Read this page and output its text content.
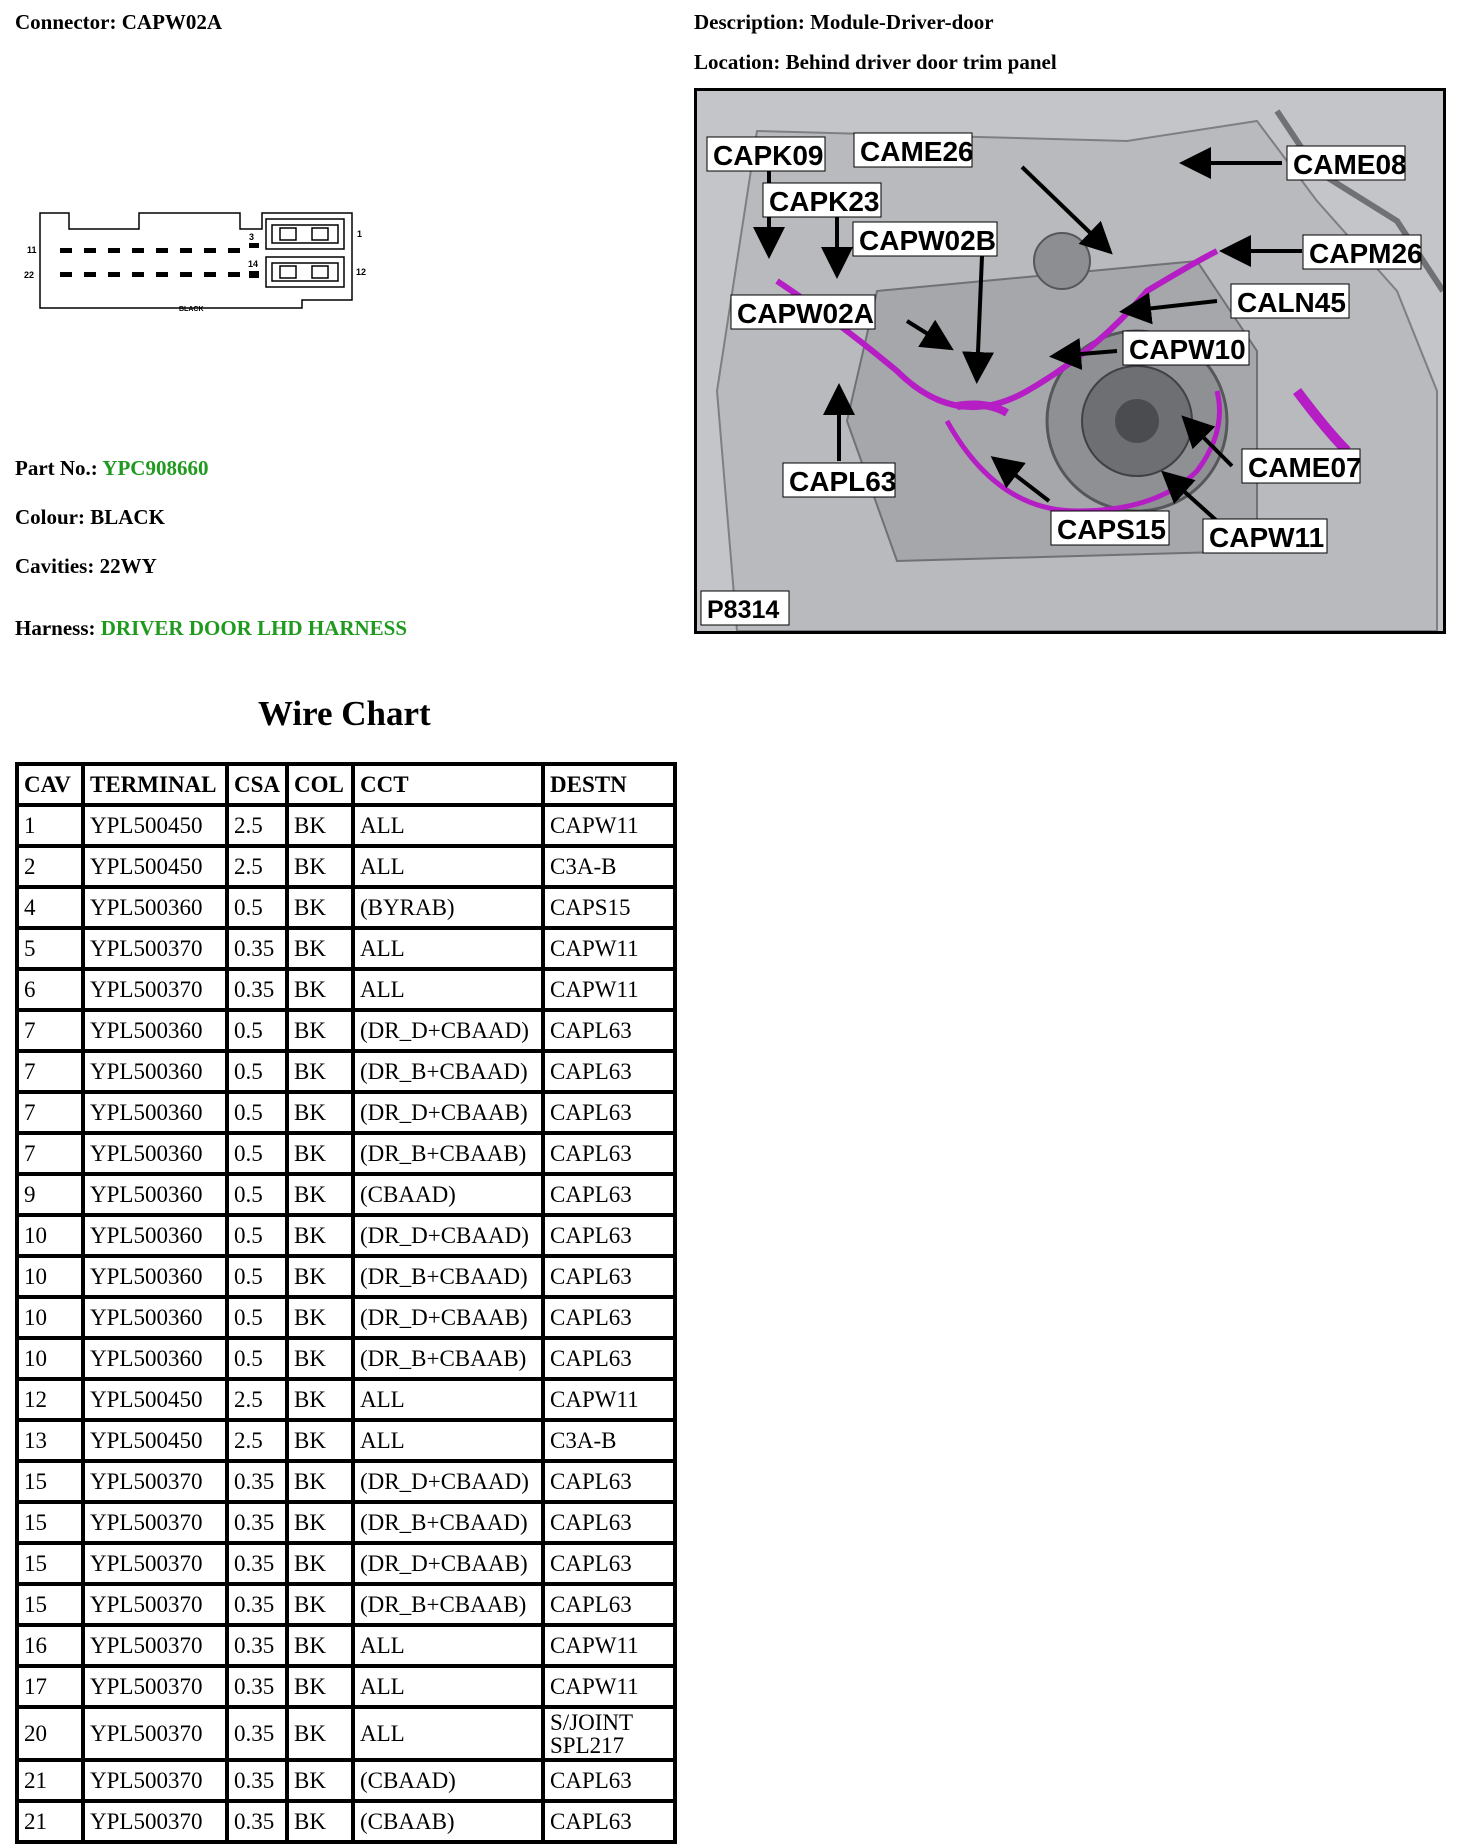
Connector: CAPW02A	Description: Module-Driver-door
Location: Behind driver door trim panel
11
22
3
14
1
12
BLACK
Part No.: YPC908660
Colour: BLACK
Cavities: 22WY
Harness: DRIVER DOOR LHD HARNESS
CAPK09 CAME26	CAME08
CAPK23
CAPW02B	CAPM26
CALN45
CAPW02A
CAPW10
CAME07
CAPL63
CAPS15 CAPW11
P8314
Wire Chart
CAV	TERMINAL	CSA	COL	CCT	DESTN
1	YPL500450	2.5	BK	ALL	CAPW11
2	YPL500450	2.5	BK	ALL	C3A-B
4	YPL500360	0.5	BK	(BYRAB)	CAPS15
5	YPL500370	0.35	BK	ALL	CAPW11
6	YPL500370	0.35	BK	ALL	CAPW11
7	YPL500360	0.5	BK	(DR_D+CBAAD)	CAPL63
7	YPL500360	0.5	BK	(DR_B+CBAAD)	CAPL63
7	YPL500360	0.5	BK	(DR_D+CBAAB)	CAPL63
7	YPL500360	0.5	BK	(DR_B+CBAAB)	CAPL63
9	YPL500360	0.5	BK	(CBAAD)	CAPL63
10	YPL500360	0.5	BK	(DR_D+CBAAD)	CAPL63
10	YPL500360	0.5	BK	(DR_B+CBAAD)	CAPL63
10	YPL500360	0.5	BK	(DR_D+CBAAB)	CAPL63
10	YPL500360	0.5	BK	(DR_B+CBAAB)	CAPL63
12	YPL500450	2.5	BK	ALL	CAPW11
13	YPL500450	2.5	BK	ALL	C3A-B
15	YPL500370	0.35	BK	(DR_D+CBAAD)	CAPL63
15	YPL500370	0.35	BK	(DR_B+CBAAD)	CAPL63
15	YPL500370	0.35	BK	(DR_D+CBAAB)	CAPL63
15	YPL500370	0.35	BK	(DR_B+CBAAB)	CAPL63
16	YPL500370	0.35	BK	ALL	CAPW11
17	YPL500370	0.35	BK	ALL	CAPW11
20	YPL500370	0.35	BK	ALL	S/JOINT SPL217
21	YPL500370	0.35	BK	(CBAAD)	CAPL63
21	YPL500370	0.35	BK	(CBAAB)	CAPL63
